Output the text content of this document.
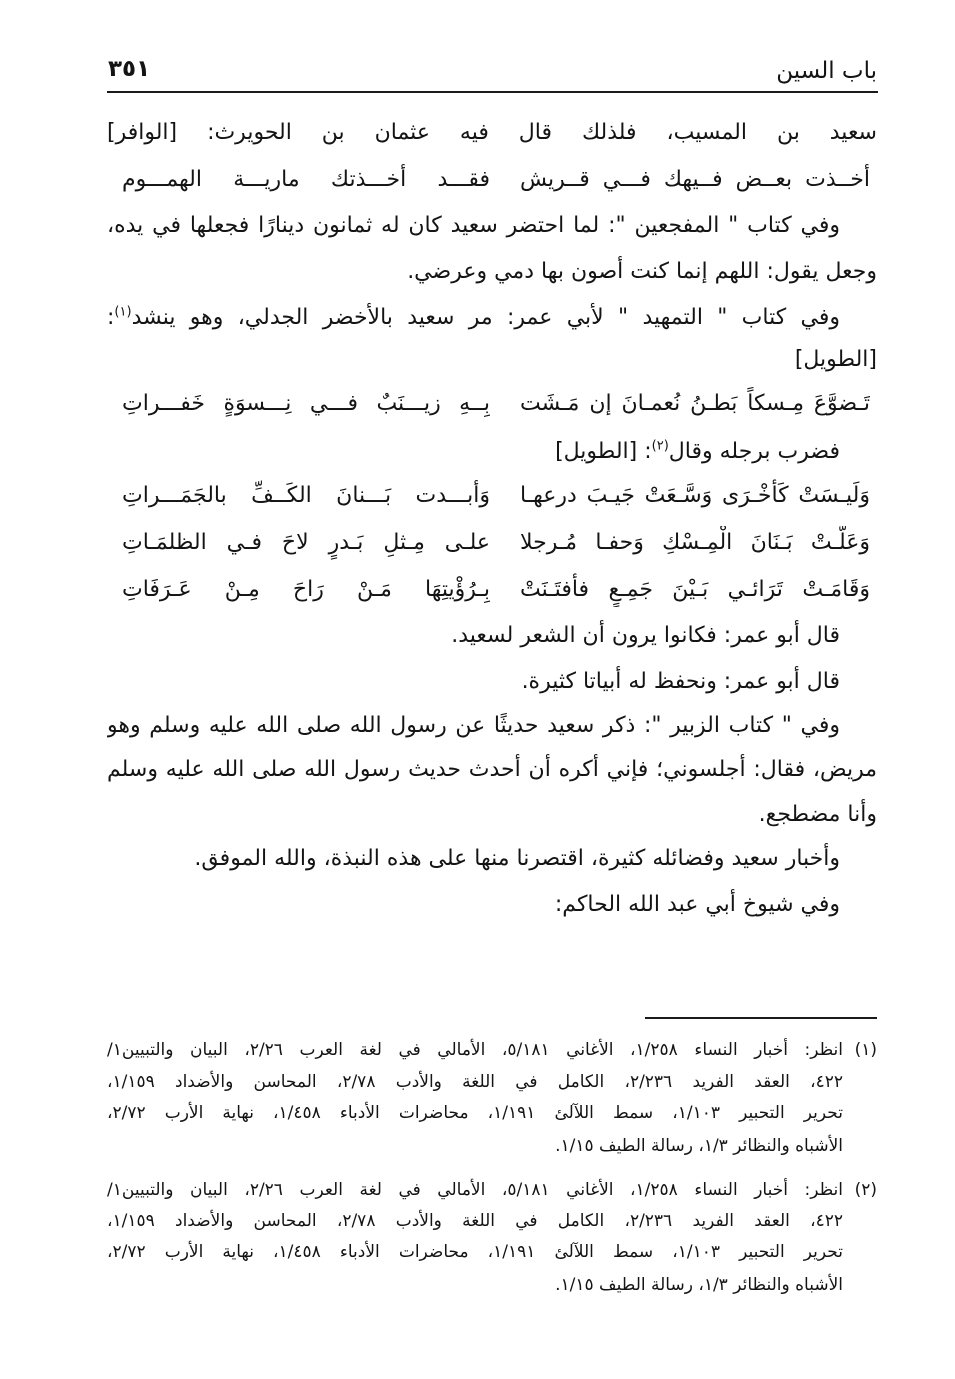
باب السين
٣٥١
سعيد بن المسيب، فلذلك قال فيه عثمان بن الحويرث: [الوافر]
أخــذت بعــض فــيهك فـــي قــريش
فقـــد أخـــذتك ماريـــة الهمـــوم
وفي كتاب " المفجعين ": لما احتضر سعيد كان له ثمانون دينارًا فجعلها في يده،
وجعل يقول: اللهم إنما كنت أصون بها دمي وعرضي.
وفي كتاب " التمهيد " لأبي عمر: مر سعيد بالأخضر الجدلي، وهو ينشد$^{(١)}$:
[الطويل]
تَـضوَّعَ مِـسكاً بَطـنُ نُعمـانَ إن مَـشَت
بِــهِ زيـــنَبٌ فـــي نِـــسوَةٍ خَفـــراتِ
فضرب برجله وقال$^{(٢)}$: [الطويل]
وَلَيـسَتْ كَأُخْـرَى وَسَّـعَتْ جَيـبَ درعهـا
وَأبـــدت بَـــنانَ الكَــفِّ بالجَمَـــراتِ
وَعَلَّـتْ بَـنَانَ الْمِـسْكِ وَحفـا مُـرجلا
علـى مِـثلِ بَـدرٍ لاحَ فـي الظلمَـاتِ
وَقَامَـتْ تَرَائـي بَـيْنَ جَمِـعٍ فأفتَـنَتْ
بِـرُؤْيتِهَا مَـنْ رَاحَ مِـنْ عَـرَفَاتِ
قال أبو عمر: فكانوا يرون أن الشعر لسعيد.
قال أبو عمر: ونحفظ له أبياتا كثيرة.
وفي " كتاب الزبير ": ذكر سعيد حديثًا عن رسول الله صلى الله عليه وسلم وهو
مريض، فقال: أجلسوني؛ فإني أكره أن أحدث حديث رسول الله صلى الله عليه وسلم
وأنا مضطجع.
وأخبار سعيد وفضائله كثيرة، اقتصرنا منها على هذه النبذة، والله الموفق.
وفي شيوخ أبي عبد الله الحاكم:
(١)
انظر: أخبار النساء ١/٢٥٨، الأغاني ٥/١٨١، الأمالي في لغة العرب ٢/٢٦، البيان والتبيين١/
٤٢٢، العقد الفريد ٢/٢٣٦، الكامل في اللغة والأدب ٢/٧٨، المحاسن والأضداد ١/١٥٩،
تحرير التحبير ١/١٠٣، سمط اللآلئ ١/١٩١، محاضرات الأدباء ١/٤٥٨، نهاية الأرب ٢/٧٢،
الأشباه والنظائر ١/٣، رسالة الطيف ١/١٥.
(٢)
انظر: أخبار النساء ١/٢٥٨، الأغاني ٥/١٨١، الأمالي في لغة العرب ٢/٢٦، البيان والتبيين١/
٤٢٢، العقد الفريد ٢/٢٣٦، الكامل في اللغة والأدب ٢/٧٨، المحاسن والأضداد ١/١٥٩،
تحرير التحبير ١/١٠٣، سمط اللآلئ ١/١٩١، محاضرات الأدباء ١/٤٥٨، نهاية الأرب ٢/٧٢،
الأشباه والنظائر ١/٣، رسالة الطيف ١/١٥.
